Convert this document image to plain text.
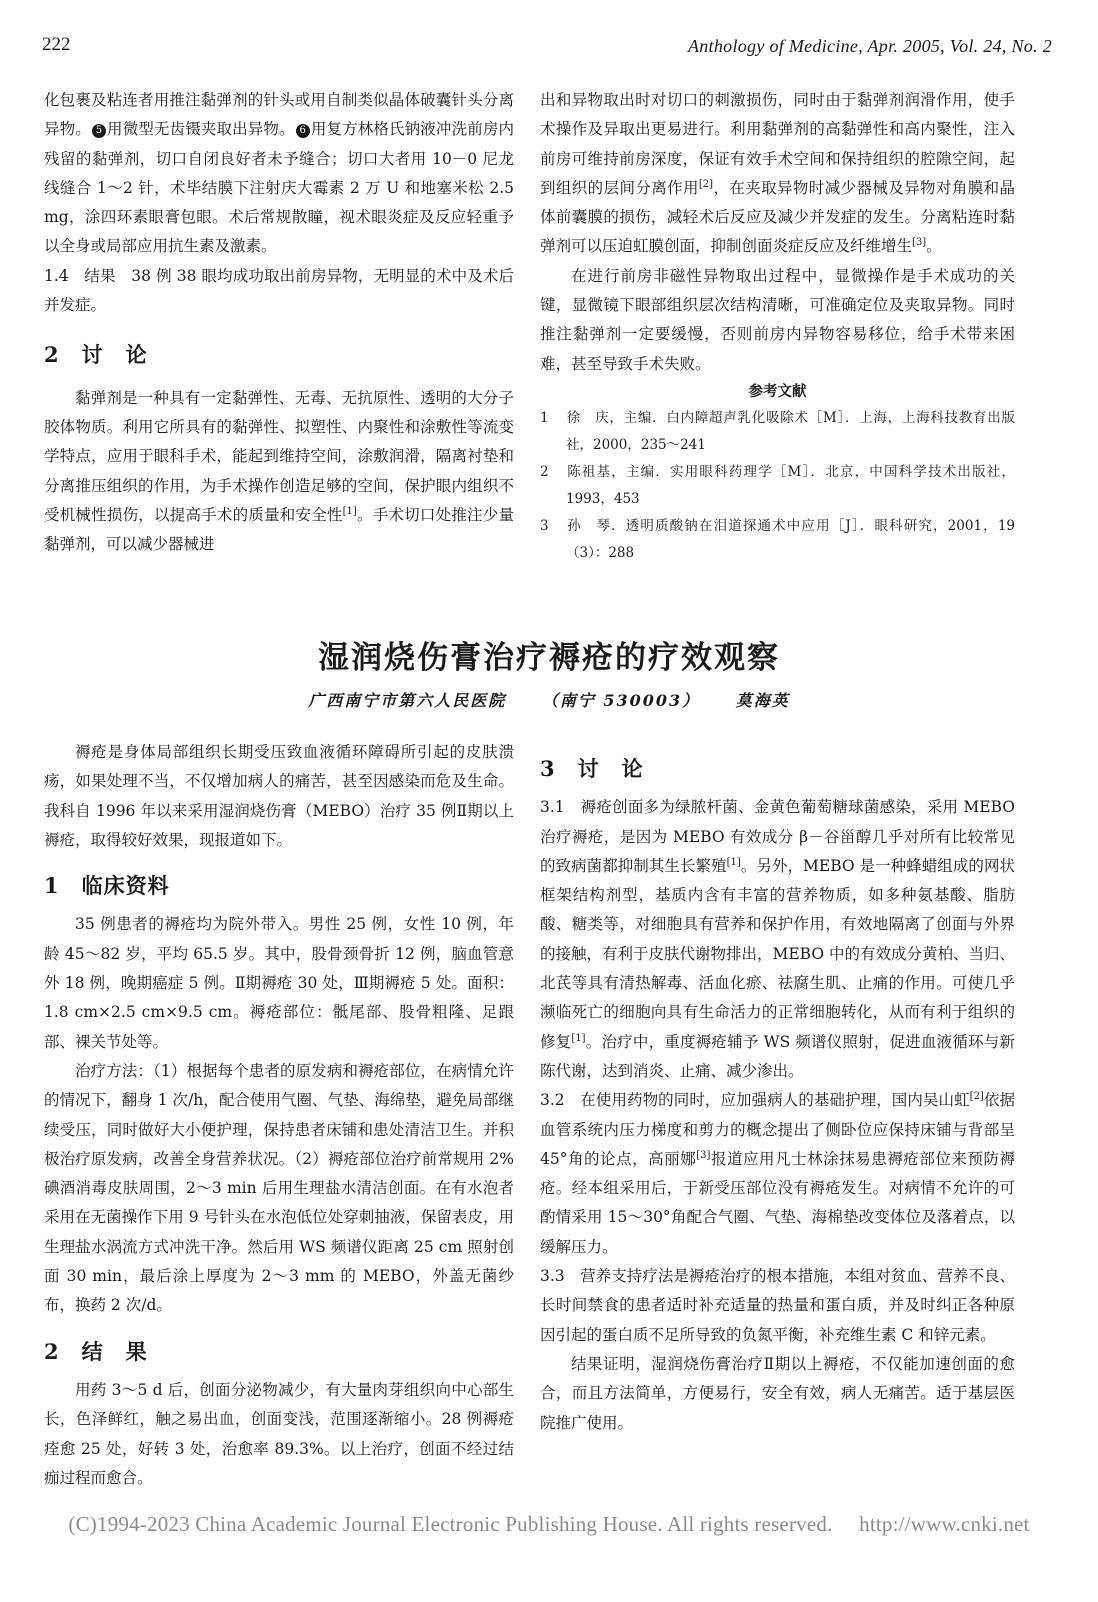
222	Anthology of Medicine, Apr. 2005, Vol. 24, No. 2

化包裹及粘连者用推注黏弹剂的针头或用自制类似晶体破囊针头分离异物。 5 用微型无齿镊夹取出异物。 6 用复方林格氏钠液冲洗前房内残留的黏弹剂，切口自闭良好者未予缝合；切口大者用 10－0 尼龙线缝合 1～2 针，术毕结膜下注射庆大霉素 2 万 U 和地塞米松 2.5 mg，涂四环素眼膏包眼。术后常规散瞳，视术眼炎症及反应轻重予以全身或局部应用抗生素及激素。

1.4　结果　38 例 38 眼均成功取出前房异物，无明显的术中及术后并发症。

2　讨　论

黏弹剂是一种具有一定黏弹性、无毒、无抗原性、透明的大分子胶体物质。利用它所具有的黏弹性、拟塑性、内聚性和涂敷性等流变学特点，应用于眼科手术，能起到维持空间，涂敷润滑，隔离衬垫和分离推压组织的作用，为手术操作创造足够的空间，保护眼内组织不受机械性损伤，以提高手术的质量和安全性[1]。手术切口处推注少量黏弹剂，可以减少器械进

出和异物取出时对切口的刺激损伤，同时由于黏弹剂润滑作用，使手术操作及异取出更易进行。利用黏弹剂的高黏弹性和高内聚性，注入前房可维持前房深度，保证有效手术空间和保持组织的腔隙空间，起到组织的层间分离作用[2]，在夹取异物时减少器械及异物对角膜和晶体前囊膜的损伤，减轻术后反应及减少并发症的发生。分离粘连时黏弹剂可以压迫虹膜创面，抑制创面炎症反应及纤维增生[3]。

在进行前房非磁性异物取出过程中，显微操作是手术成功的关键，显微镜下眼部组织层次结构清晰，可准确定位及夹取异物。同时推注黏弹剂一定要缓慢，否则前房内异物容易移位，给手术带来困难，甚至导致手术失败。

参考文献

1 徐　庆，主编．白内障超声乳化吸除术［M］．上海，上海科技教育出版社，2000，235～241

2 陈祖基，主编．实用眼科药理学［M］．北京，中国科学技术出版社，1993，453

3 孙　琴．透明质酸钠在泪道探通术中应用［J］．眼科研究，2001，19（3）：288

湿润烧伤膏治疗褥疮的疗效观察
广西南宁市第六人民医院 （南宁 530003） 莫海英

褥疮是身体局部组织长期受压致血液循环障碍所引起的皮肤溃疡，如果处理不当，不仅增加病人的痛苦，甚至因感染而危及生命。我科自 1996 年以来采用湿润烧伤膏（MEBO）治疗 35 例Ⅱ期以上褥疮，取得较好效果，现报道如下。

1　临床资料

35 例患者的褥疮均为院外带入。男性 25 例，女性 10 例，年龄 45～82 岁，平均 65.5 岁。其中，股骨颈骨折 12 例，脑血管意外 18 例，晚期癌症 5 例。Ⅱ期褥疮 30 处，Ⅲ期褥疮 5 处。面积：1.8 cm×2.5 cm×9.5 cm。褥疮部位：骶尾部、股骨粗隆、足跟部、裸关节处等。

治疗方法：（1）根据每个患者的原发病和褥疮部位，在病情允许的情况下，翻身 1 次/h，配合使用气圈、气垫、海绵垫，避免局部继续受压，同时做好大小便护理，保持患者床铺和患处清洁卫生。并积极治疗原发病，改善全身营养状况。（2）褥疮部位治疗前常规用 2% 碘酒消毒皮肤周围，2～3 min 后用生理盐水清洁创面。在有水泡者采用在无菌操作下用 9 号针头在水泡低位处穿刺抽液，保留表皮，用生理盐水涡流方式冲洗干净。然后用 WS 频谱仪距离 25 cm 照射创面 30 min，最后涂上厚度为 2～3 mm 的 MEBO，外盖无菌纱布，换药 2 次/d。

2　结　果

用药 3～5 d 后，创面分泌物减少，有大量肉芽组织向中心部生长，色泽鲜红，触之易出血，创面变浅，范围逐渐缩小。28 例褥疮痊愈 25 处，好转 3 处，治愈率 89.3%。以上治疗，创面不经过结痂过程而愈合。

3　讨　论

3.1　褥疮创面多为绿脓杆菌、金黄色葡萄糖球菌感染，采用 MEBO 治疗褥疮，是因为 MEBO 有效成分 β－谷甾醇几乎对所有比较常见的致病菌都抑制其生长繁殖[1]。另外，MEBO 是一种蜂蜡组成的网状框架结构剂型，基质内含有丰富的营养物质，如多种氨基酸、脂肪酸、糖类等，对细胞具有营养和保护作用，有效地隔离了创面与外界的接触，有利于皮肤代谢物排出，MEBO 中的有效成分黄柏、当归、北芪等具有清热解毒、活血化瘀、祛腐生肌、止痛的作用。可使几乎濒临死亡的细胞向具有生命活力的正常细胞转化，从而有利于组织的修复[1]。治疗中，重度褥疮辅予 WS 频谱仪照射，促进血液循环与新陈代谢，达到消炎、止痛、减少渗出。

3.2　在使用药物的同时，应加强病人的基础护理，国内吴山虹[2]依据血管系统内压力梯度和剪力的概念提出了侧卧位应保持床铺与背部呈 45°角的论点，高丽娜[3]报道应用凡士林涂抹易患褥疮部位来预防褥疮。经本组采用后，于新受压部位没有褥疮发生。对病情不允许的可酌情采用 15～30°角配合气圈、气垫、海棉垫改变体位及落着点，以缓解压力。

3.3　营养支持疗法是褥疮治疗的根本措施，本组对贫血、营养不良、长时间禁食的患者适时补充适量的热量和蛋白质，并及时纠正各种原因引起的蛋白质不足所导致的负氮平衡，补充维生素 C 和锌元素。

结果证明，湿润烧伤膏治疗Ⅱ期以上褥疮，不仅能加速创面的愈合，而且方法简单，方便易行，安全有效，病人无痛苦。适于基层医院推广使用。

(C)1994-2023 China Academic Journal Electronic Publishing House. All rights reserved.　 http://www.cnki.net
